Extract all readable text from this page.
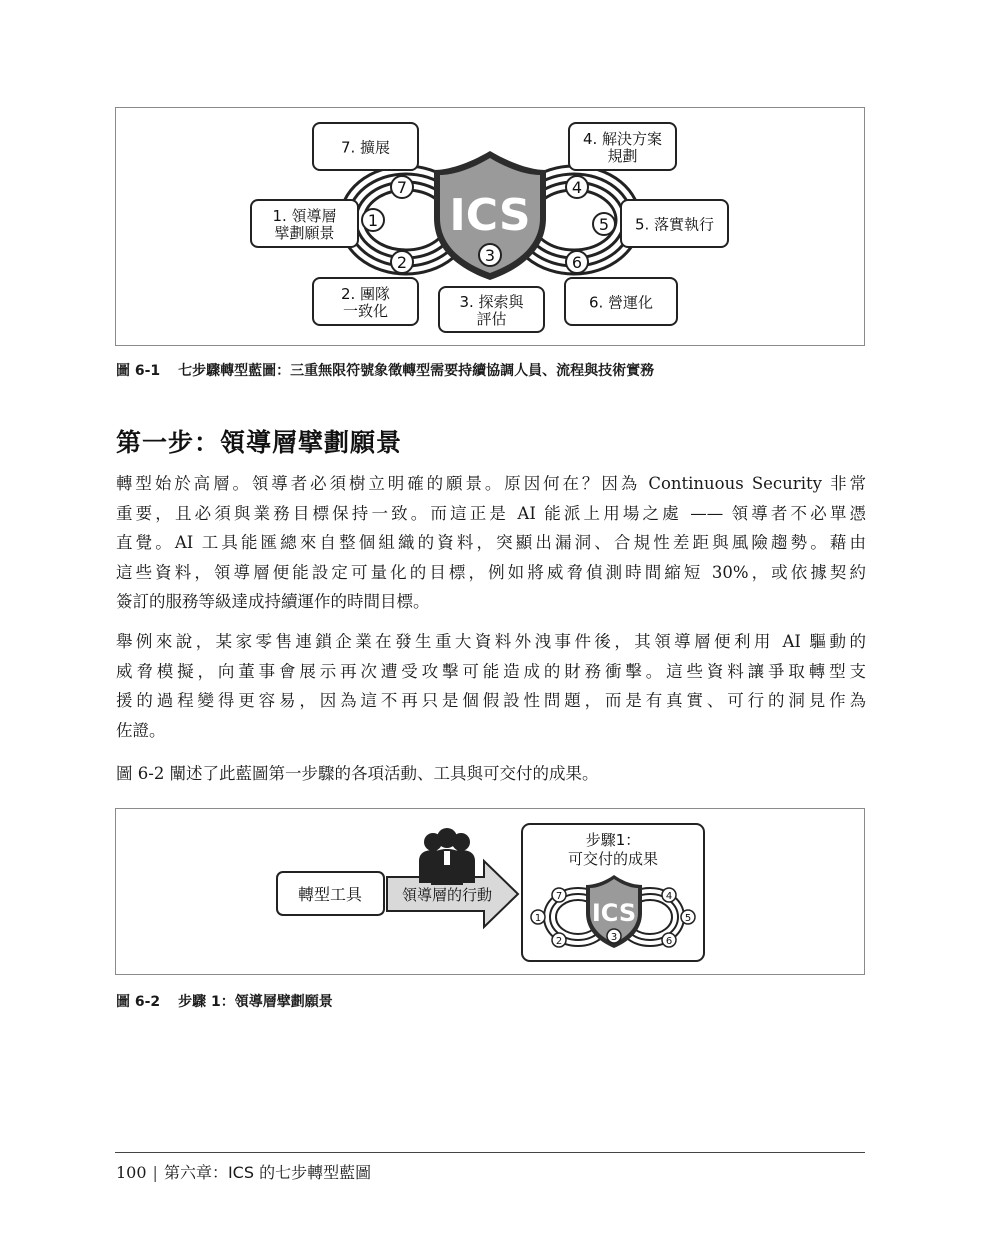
ICS
1
2	3
4
5
6
7
1. 領導層
擘劃願景
2. 團隊
一致化	3. 探索與
評估
4. 解決方案
規劃
5. 落實執行
6. 營運化
7. 擴展
圖 6-1 七步驟轉型藍圖：三重無限符號象徵轉型需要持續協調人員、流程與技術實務
第一步：領導層擘劃願景
轉型始於高層。領導者必須樹立明確的願景。原因何在？因為 Continuous Security 非常
重要，且必須與業務目標保持一致。而這正是 AI 能派上用場之處 —— 領導者不必單憑
直覺。AI 工具能匯總來自整個組織的資料，突顯出漏洞、合規性差距與風險趨勢。藉由
這些資料，領導層便能設定可量化的目標，例如將威脅偵測時間縮短 30%，或依據契約
簽訂的服務等級達成持續運作的時間目標。
舉例來說，某家零售連鎖企業在發生重大資料外洩事件後，其領導層便利用 AI 驅動的
威脅模擬，向董事會展示再次遭受攻擊可能造成的財務衝擊。這些資料讓爭取轉型支
援的過程變得更容易，因為這不再只是個假設性問題，而是有真實、可行的洞見作為
佐證。
圖 6-2 闡述了此藍圖第一步驟的各項活動、工具與可交付的成果。
轉型工具	領導層的行動
步驟1：
可交付的成果
ICS
1
2	3
4
5
6
7
圖 6-2 步驟 1：領導層擘劃願景
100 | 第六章：ICS 的七步轉型藍圖
